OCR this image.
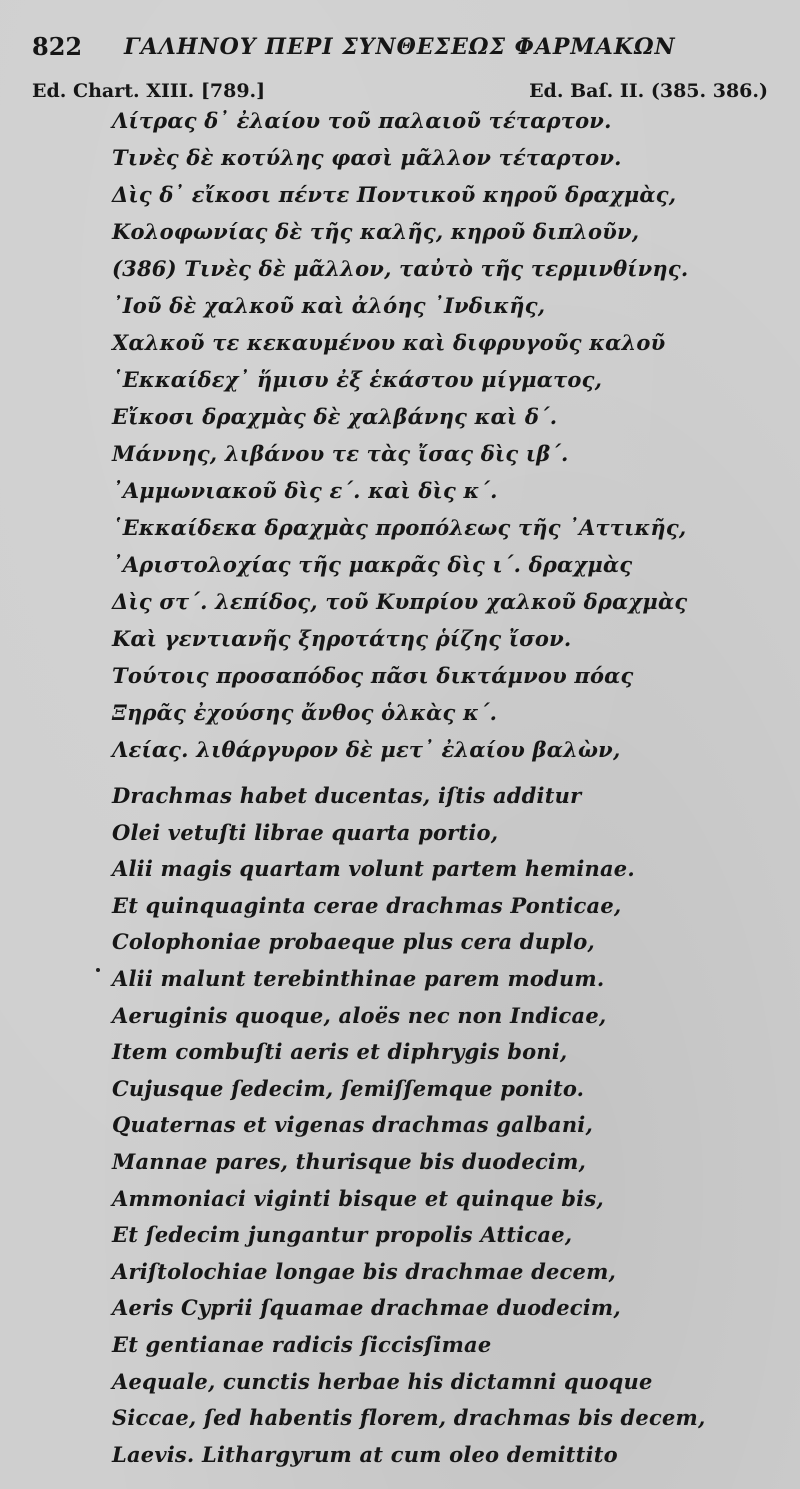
822 ΓΑΛΗΝΟΥ ΠΕΡΙ ΣΥΝΘΕΣΕΩΣ ΦΑΡΜΑΚΩΝ
Ed. Chart. XIII. [789.]	Ed. Baſ. II. (385. 386.)
Λίτρας δ᾽ ἐλαίου τοῦ παλαιοῦ τέταρτον.
Τινὲς δὲ κοτύλης φασὶ μᾶλλον τέταρτον.
Δὶς δ᾽ εἴκοσι πέντε Ποντικοῦ κηροῦ δραχμὰς,
Κολοφωνίας δὲ τῆς καλῆς, κηροῦ διπλοῦν,
(386) Τινὲς δὲ μᾶλλον, ταὐτὸ τῆς τερμινθίνης.
᾽Ιοῦ δὲ χαλκοῦ καὶ ἀλόης ᾽Ινδικῆς,
Χαλκοῦ τε κεκαυμένου καὶ διφρυγοῦς καλοῦ
῾Εκκαίδεχ᾽ ἥμισυ ἐξ ἑκάστου μίγματος,
Εἴκοσι δραχμὰς δὲ χαλβάνης καὶ δ΄.
Μάννης, λιβάνου τε τὰς ἴσας δὶς ιβ΄.
᾽Αμμωνιακοῦ δὶς ε΄. καὶ δὶς κ΄.
῾Εκκαίδεκα δραχμὰς προπόλεως τῆς ᾽Αττικῆς,
᾽Αριστολοχίας τῆς μακρᾶς δὶς ι΄. δραχμὰς
Δὶς στ΄. λεπίδος, τοῦ Κυπρίου χαλκοῦ δραχμὰς
Καὶ γεντιανῆς ξηροτάτης ῥίζης ἴσον.
Τούτοις προσαπόδος πᾶσι δικτάμνου πόας
Ξηρᾶς ἐχούσης ἄνθος ὁλκὰς κ΄.
Λείας. λιθάργυρον δὲ μετ᾽ ἐλαίου βαλὼν,
Drachmas habet ducentas, iſtis additur
Olei vetuſti librae quarta portio,
Alii magis quartam volunt partem heminae.
Et quinquaginta cerae drachmas Ponticae,
Colophoniae probaeque plus cera duplo,
Alii malunt terebinthinae parem modum.
Aeruginis quoque, aloës nec non Indicae,
Item combuſti aeris et diphrygis boni,
Cujusque ſedecim, ſemiſſemque ponito.
Quaternas et vigenas drachmas galbani,
Mannae pares, thurisque bis duodecim,
Ammoniaci viginti bisque et quinque bis,
Et ſedecim jungantur propolis Atticae,
Ariſtolochiae longae bis drachmae decem,
Aeris Cyprii ſquamae drachmae duodecim,
Et gentianae radicis ſiccisſimae
Aequale, cunctis herbae his dictamni quoque
Siccae, ſed habentis florem, drachmas bis decem,
Laevis. Lithargyrum at cum oleo demittito
